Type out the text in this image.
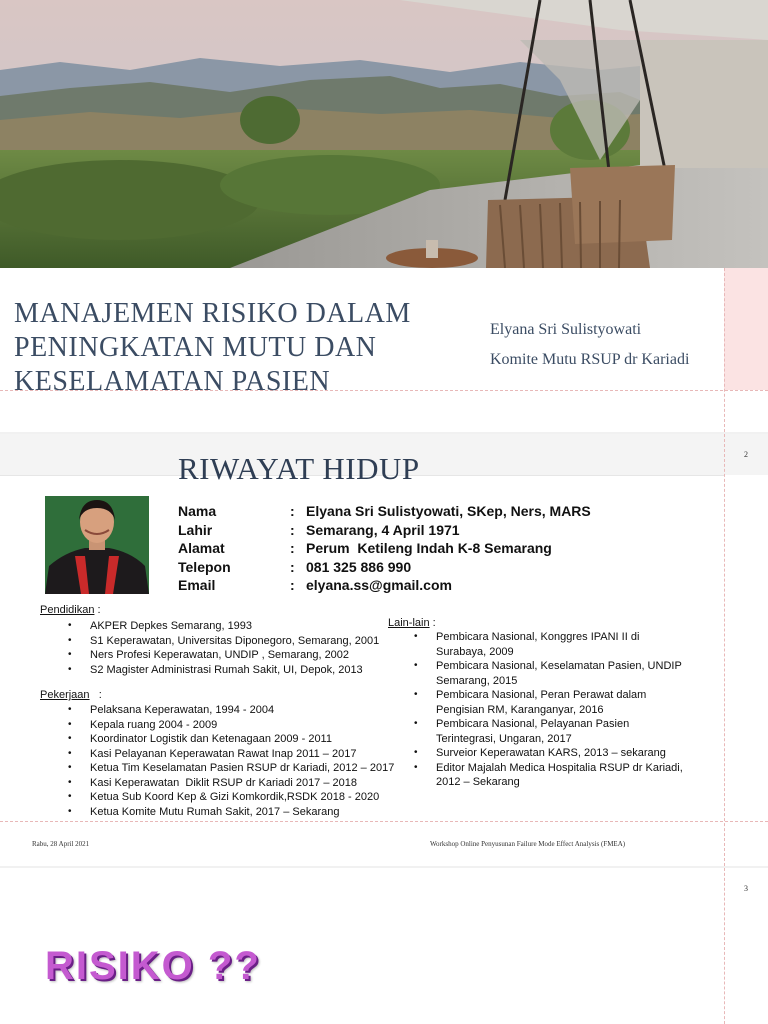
MANAJEMEN RISIKO DALAM
PENINGKATAN MUTU DAN
KESELAMATAN PASIEN
Elyana Sri Sulistyowati
Komite Mutu RSUP dr Kariadi
2
RIWAYAT HIDUP
Nama	: Elyana Sri Sulistyowati, SKep, Ners, MARS
Lahir	: Semarang, 4 April 1971
Alamat	: Perum  Ketileng Indah K-8 Semarang
Telepon	: 081 325 886 990
Email	: elyana.ss@gmail.com
Pendidikan :
• AKPER Depkes Semarang, 1993
• S1 Keperawatan, Universitas Diponegoro, Semarang, 2001
• Ners Profesi Keperawatan, UNDIP , Semarang, 2002
• S2 Magister Administrasi Rumah Sakit, UI, Depok, 2013
Pekerjaan   :
• Pelaksana Keperawatan, 1994 - 2004
• Kepala ruang 2004 - 2009
• Koordinator Logistik dan Ketenagaan 2009 - 2011
• Kasi Pelayanan Keperawatan Rawat Inap 2011 – 2017
• Ketua Tim Keselamatan Pasien RSUP dr Kariadi, 2012 – 2017
• Kasi Keperawatan  Diklit RSUP dr Kariadi 2017 – 2018
• Ketua Sub Koord Kep & Gizi Komkordik,RSDK 2018 - 2020
• Ketua Komite Mutu Rumah Sakit, 2017 – Sekarang
Lain-lain :
• Pembicara Nasional, Konggres IPANI II di
Surabaya, 2009
• Pembicara Nasional, Keselamatan Pasien, UNDIP
Semarang, 2015
• Pembicara Nasional, Peran Perawat dalam
Pengisian RM, Karanganyar, 2016
• Pembicara Nasional, Pelayanan Pasien
Terintegrasi, Ungaran, 2017
• Surveior Keperawatan KARS, 2013 – sekarang
• Editor Majalah Medica Hospitalia RSUP dr Kariadi,
2012 – Sekarang
Rabu, 28 April 2021	Workshop Online Penyusunan Failure Mode Effect Analysis (FMEA)
3
RISIKO ??
